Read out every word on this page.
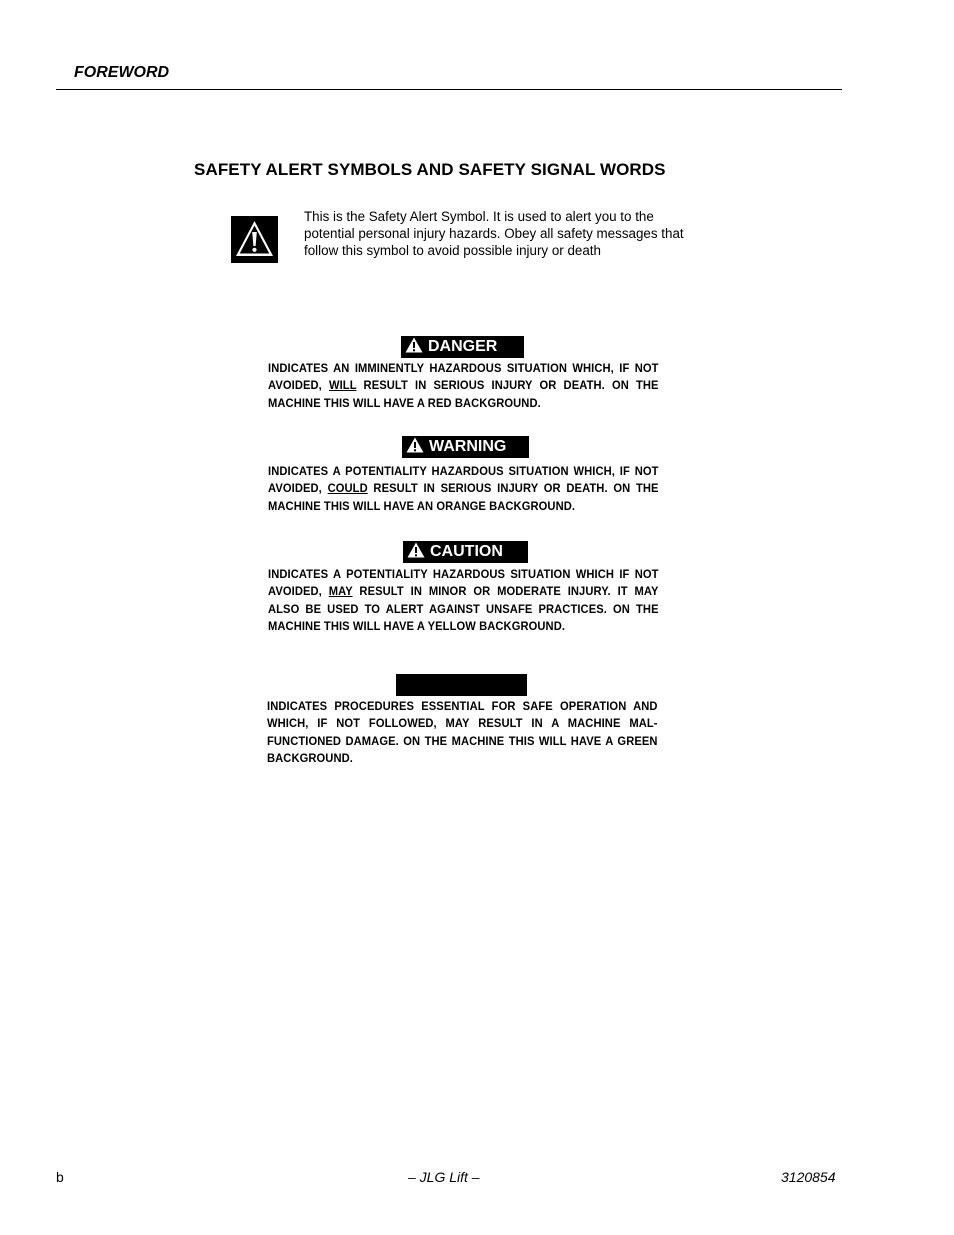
FOREWORD
SAFETY ALERT SYMBOLS AND SAFETY SIGNAL WORDS
This is the Safety Alert Symbol. It is used to alert you to the potential personal injury hazards. Obey all safety messages that follow this symbol to avoid possible injury or death
DANGER
INDICATES AN IMMINENTLY HAZARDOUS SITUATION WHICH, IF NOT AVOIDED, WILL RESULT IN SERIOUS INJURY OR DEATH. ON THE MACHINE THIS WILL HAVE A RED BACKGROUND.
WARNING
INDICATES A POTENTIALITY HAZARDOUS SITUATION WHICH, IF NOT AVOIDED, COULD RESULT IN SERIOUS INJURY OR DEATH. ON THE MACHINE THIS WILL HAVE AN ORANGE BACKGROUND.
CAUTION
INDICATES A POTENTIALITY HAZARDOUS SITUATION WHICH IF NOT AVOIDED, MAY RESULT IN MINOR OR MODERATE INJURY. IT MAY ALSO BE USED TO ALERT AGAINST UNSAFE PRACTICES. ON THE MACHINE THIS WILL HAVE A YELLOW BACKGROUND.
INDICATES PROCEDURES ESSENTIAL FOR SAFE OPERATION AND WHICH, IF NOT FOLLOWED, MAY RESULT IN A MACHINE MAL-FUNCTIONED DAMAGE. ON THE MACHINE THIS WILL HAVE A GREEN BACKGROUND.
b	– JLG Lift –	3120854
